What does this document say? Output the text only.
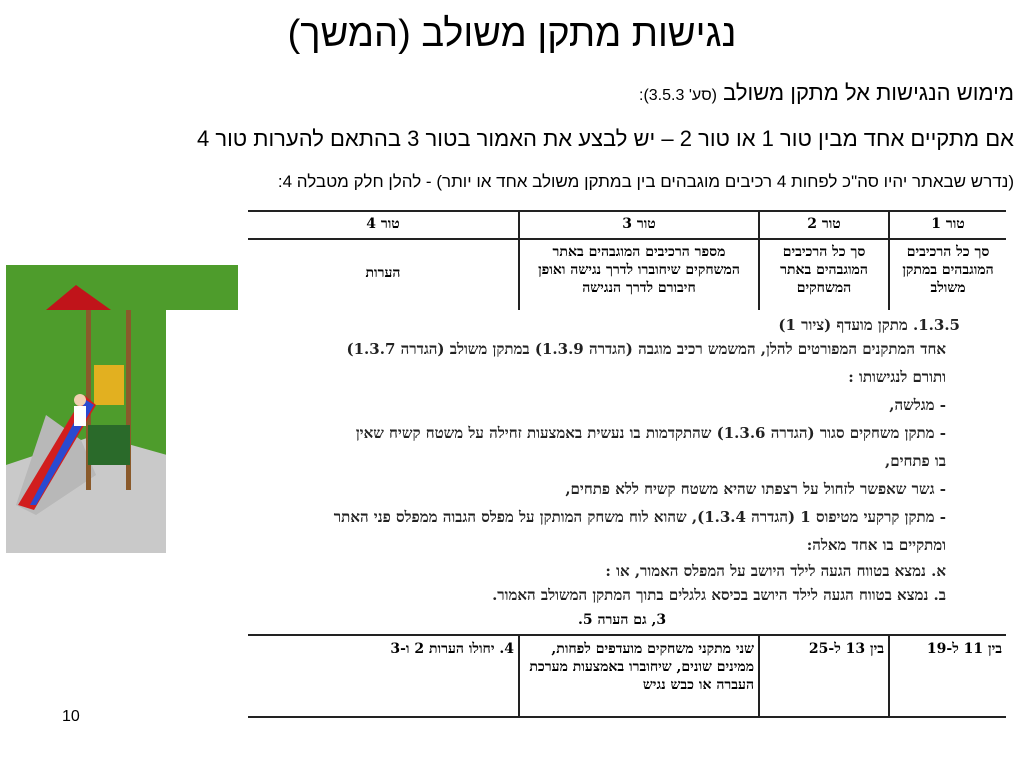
נגישות מתקן משולב (המשך)
מימוש הנגישות אל מתקן משולב (סע' 3.5.3):
אם מתקיים אחד מבין טור 1 או טור 2 – יש לבצע את האמור בטור 3 בהתאם להערות טור 4
(נדרש שבאתר יהיו סה"כ לפחות 4 רכיבים מוגבהים בין במתקן משולב אחד או יותר) - להלן חלק מטבלה 4:
טור 1
טור 2
טור 3
טור 4
סך כל הרכיבים המוגבהים במתקן משולב
סך כל הרכיבים המוגבהים באתר המשחקים
מספר הרכיבים המוגבהים באתר המשחקים שיחוברו לדרך נגישה ואופן חיבורם לדרך הנגישה
הערות
1.3.5. מתקן מועדף (ציור 1)
אחד המתקנים המפורטים להלן, המשמש רכיב מוגבה (הגדרה 1.3.9) במתקן משולב (הגדרה 1.3.7)
ותורם לנגישותו :
- מגלשה,
- מתקן משחקים סגור (הגדרה 1.3.6) שהתקדמות בו נעשית באמצעות זחילה על משטח קשיח שאין
בו פתחים,
- גשר שאפשר לזחול על רצפתו שהיא משטח קשיח ללא פתחים,
- מתקן קרקעי מטיפוס 1 (הגדרה 1.3.4), שהוא לוח משחק המותקן על מפלס הגבוה ממפלס פני האתר
ומתקיים בו אחד מאלה:
א. נמצא בטווח הגעה לילד היושב על המפלס האמור, או :
ב. נמצא בטווח הגעה לילד היושב בכיסא גלגלים בתוך המתקן המשולב האמור.
3, גם הערה 5.
בין 11 ל-19
בין 13 ל-25
שני מתקני משחקים מועדפים לפחות, ממינים שונים, שיחוברו באמצעות מערכת העברה או כבש נגיש
4. יחולו הערות 2 ו-3
10
